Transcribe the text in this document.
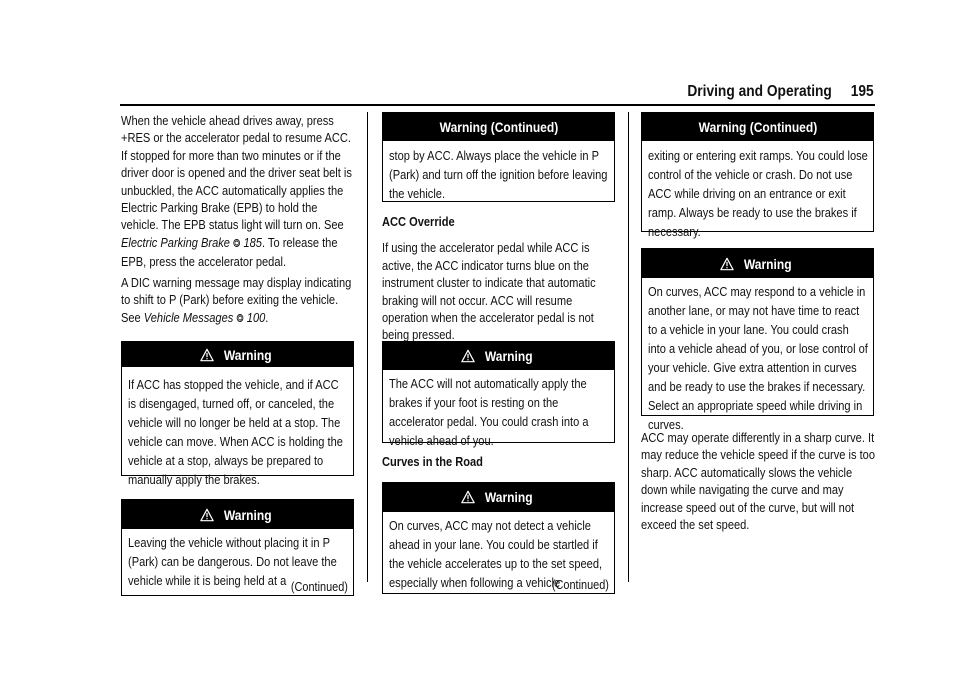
Driving and Operating 195
When the vehicle ahead drives away, press +RES or the accelerator pedal to resume ACC. If stopped for more than two minutes or if the driver door is opened and the driver seat belt is unbuckled, the ACC automatically applies the Electric Parking Brake (EPB) to hold the vehicle. The EPB status light will turn on. See Electric Parking Brake ⭗ 185. To release the EPB, press the accelerator pedal.
A DIC warning message may display indicating to shift to P (Park) before exiting the vehicle. See Vehicle Messages ⭗ 100.
Warning
If ACC has stopped the vehicle, and if ACC is disengaged, turned off, or canceled, the vehicle will no longer be held at a stop. The vehicle can move. When ACC is holding the vehicle at a stop, always be prepared to manually apply the brakes.
Warning
Leaving the vehicle without placing it in P (Park) can be dangerous. Do not leave the vehicle while it is being held at a (Continued)
Warning (Continued)
stop by ACC. Always place the vehicle in P (Park) and turn off the ignition before leaving the vehicle.
ACC Override
If using the accelerator pedal while ACC is active, the ACC indicator turns blue on the instrument cluster to indicate that automatic braking will not occur. ACC will resume operation when the accelerator pedal is not being pressed.
Warning
The ACC will not automatically apply the brakes if your foot is resting on the accelerator pedal. You could crash into a vehicle ahead of you.
Curves in the Road
Warning
On curves, ACC may not detect a vehicle ahead in your lane. You could be startled if the vehicle accelerates up to the set speed, especially when following a vehicle
(Continued)
Warning (Continued)
exiting or entering exit ramps. You could lose control of the vehicle or crash. Do not use ACC while driving on an entrance or exit ramp. Always be ready to use the brakes if necessary.
Warning
On curves, ACC may respond to a vehicle in another lane, or may not have time to react to a vehicle in your lane. You could crash into a vehicle ahead of you, or lose control of your vehicle. Give extra attention in curves and be ready to use the brakes if necessary. Select an appropriate speed while driving in curves.
ACC may operate differently in a sharp curve. It may reduce the vehicle speed if the curve is too sharp. ACC automatically slows the vehicle down while navigating the curve and may increase speed out of the curve, but will not exceed the set speed.
